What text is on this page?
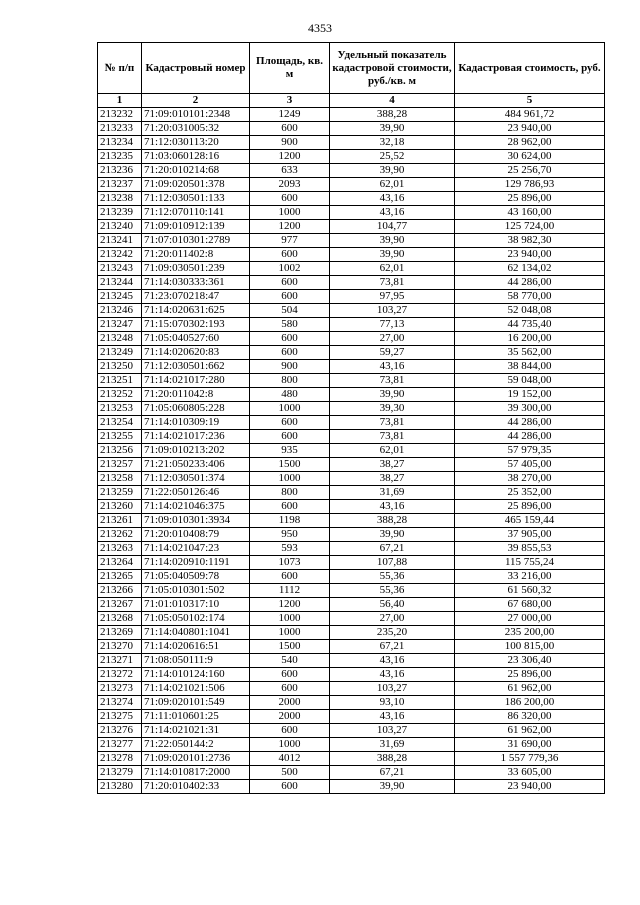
4353
№ п/п	Кадастровый номер	Площадь, кв. м	Удельный показатель кадастровой стоимости, руб./кв. м	Кадастровая стоимость, руб.
1	2	3	4	5
213232	71:09:010101:2348	1249	388,28	484 961,72
213233	71:20:031005:32	600	39,90	23 940,00
213234	71:12:030113:20	900	32,18	28 962,00
213235	71:03:060128:16	1200	25,52	30 624,00
213236	71:20:010214:68	633	39,90	25 256,70
213237	71:09:020501:378	2093	62,01	129 786,93
213238	71:12:030501:133	600	43,16	25 896,00
213239	71:12:070110:141	1000	43,16	43 160,00
213240	71:09:010912:139	1200	104,77	125 724,00
213241	71:07:010301:2789	977	39,90	38 982,30
213242	71:20:011402:8	600	39,90	23 940,00
213243	71:09:030501:239	1002	62,01	62 134,02
213244	71:14:030333:361	600	73,81	44 286,00
213245	71:23:070218:47	600	97,95	58 770,00
213246	71:14:020631:625	504	103,27	52 048,08
213247	71:15:070302:193	580	77,13	44 735,40
213248	71:05:040527:60	600	27,00	16 200,00
213249	71:14:020620:83	600	59,27	35 562,00
213250	71:12:030501:662	900	43,16	38 844,00
213251	71:14:021017:280	800	73,81	59 048,00
213252	71:20:011042:8	480	39,90	19 152,00
213253	71:05:060805:228	1000	39,30	39 300,00
213254	71:14:010309:19	600	73,81	44 286,00
213255	71:14:021017:236	600	73,81	44 286,00
213256	71:09:010213:202	935	62,01	57 979,35
213257	71:21:050233:406	1500	38,27	57 405,00
213258	71:12:030501:374	1000	38,27	38 270,00
213259	71:22:050126:46	800	31,69	25 352,00
213260	71:14:021046:375	600	43,16	25 896,00
213261	71:09:010301:3934	1198	388,28	465 159,44
213262	71:20:010408:79	950	39,90	37 905,00
213263	71:14:021047:23	593	67,21	39 855,53
213264	71:14:020910:1191	1073	107,88	115 755,24
213265	71:05:040509:78	600	55,36	33 216,00
213266	71:05:010301:502	1112	55,36	61 560,32
213267	71:01:010317:10	1200	56,40	67 680,00
213268	71:05:050102:174	1000	27,00	27 000,00
213269	71:14:040801:1041	1000	235,20	235 200,00
213270	71:14:020616:51	1500	67,21	100 815,00
213271	71:08:050111:9	540	43,16	23 306,40
213272	71:14:010124:160	600	43,16	25 896,00
213273	71:14:021021:506	600	103,27	61 962,00
213274	71:09:020101:549	2000	93,10	186 200,00
213275	71:11:010601:25	2000	43,16	86 320,00
213276	71:14:021021:31	600	103,27	61 962,00
213277	71:22:050144:2	1000	31,69	31 690,00
213278	71:09:020101:2736	4012	388,28	1 557 779,36
213279	71:14:010817:2000	500	67,21	33 605,00
213280	71:20:010402:33	600	39,90	23 940,00
